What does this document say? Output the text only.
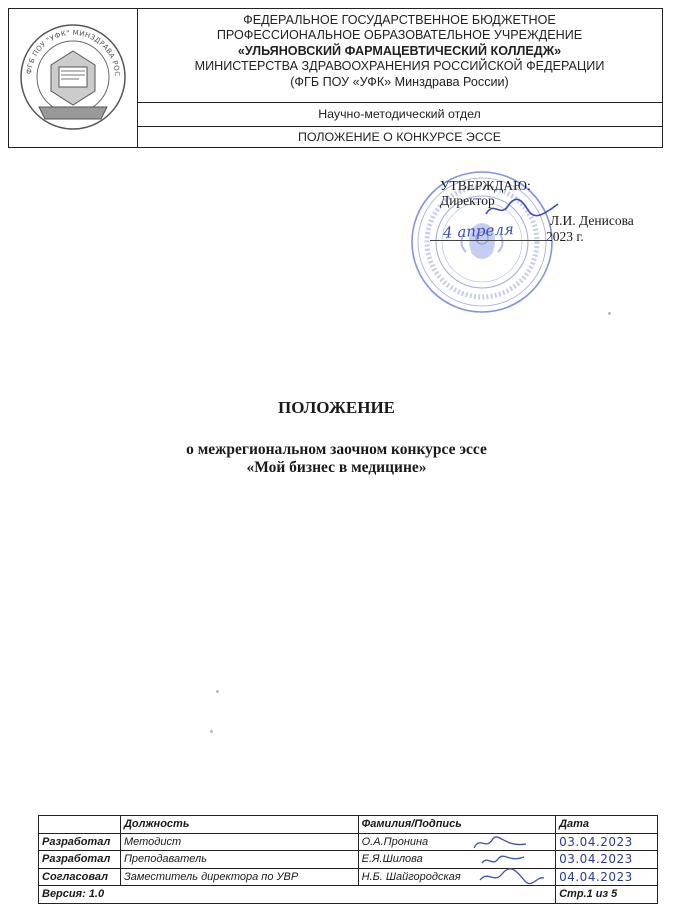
ФГБ ПОУ "УФК" МИНЗДРАВА РОС
ФЕДЕРАЛЬНОЕ ГОСУДАРСТВЕННОЕ БЮДЖЕТНОЕ
ПРОФЕССИОНАЛЬНОЕ ОБРАЗОВАТЕЛЬНОЕ УЧРЕЖДЕНИЕ
«УЛЬЯНОВСКИЙ ФАРМАЦЕВТИЧЕСКИЙ КОЛЛЕДЖ»
МИНИСТЕРСТВА ЗДРАВООХРАНЕНИЯ РОССИЙСКОЙ ФЕДЕРАЦИИ
(ФГБ ПОУ «УФК» Минздрава России)
Научно-методический отдел
ПОЛОЖЕНИЕ О КОНКУРСЕ ЭССЕ
УТВЕРЖДАЮ:
Директор
Л.И. Денисова
2023 г.
4 апреля
ПОЛОЖЕНИЕ
о межрегиональном заочном конкурсе эссе
«Мой бизнес в медицине»
	Должность	Фамилия/Подпись	Дата
Разработал	Методист	О.А.Пронина	03.04.2023
Разработал	Преподаватель	Е.Я.Шилова	03.04.2023
Согласовал	Заместитель директора по УВР	Н.Б. Шайгородская	04.04.2023
Версия: 1.0			Стр.1 из 5
